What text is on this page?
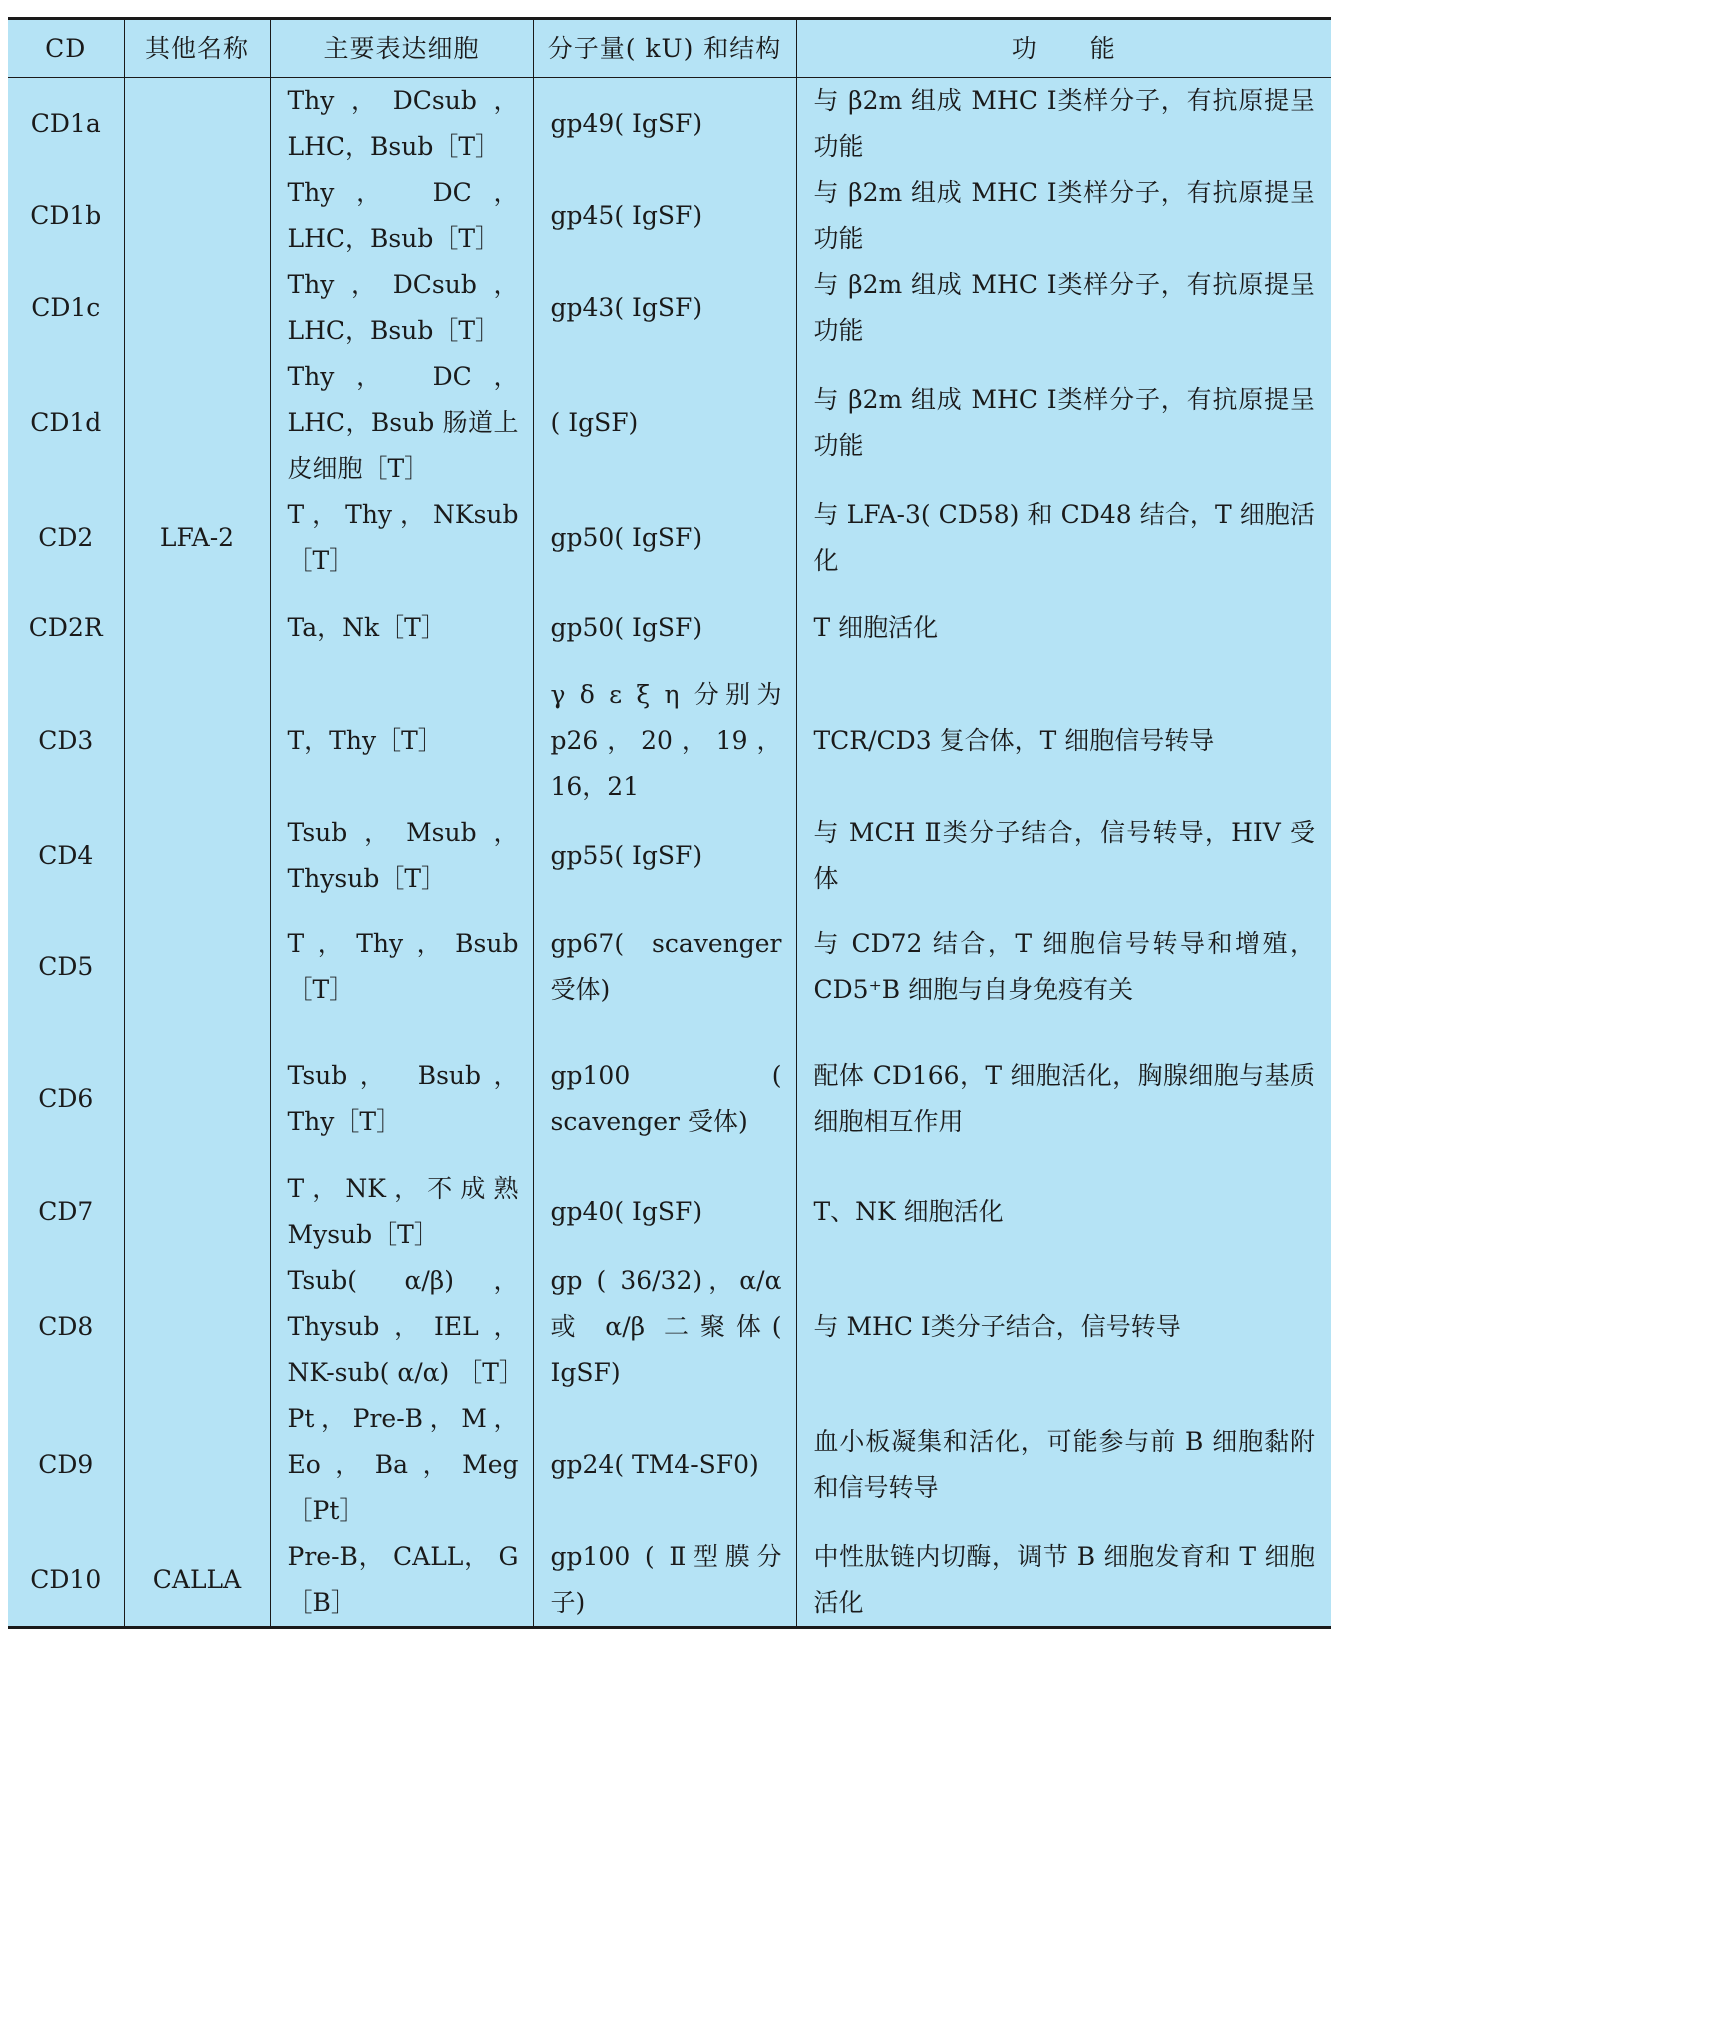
CD	其他名称	主要表达细胞	分子量( kU) 和结构	功　　能
CD1a		Thy，DCsub，LHC，Bsub［T］	gp49( IgSF)	与 β2m 组成 MHC Ⅰ类样分子，有抗原提呈功能
CD1b		Thy， DC， LHC，Bsub［T］	gp45( IgSF)	与 β2m 组成 MHC Ⅰ类样分子，有抗原提呈功能
CD1c		Thy，DCsub，LHC，Bsub［T］	gp43( IgSF)	与 β2m 组成 MHC Ⅰ类样分子，有抗原提呈功能
CD1d		Thy， DC， LHC，Bsub 肠道上皮细胞［T］	( IgSF)	与 β2m 组成 MHC Ⅰ类样分子，有抗原提呈功能
CD2	LFA-2	T，Thy，NKsub［T］	gp50( IgSF)	与 LFA-3( CD58) 和 CD48 结合，T 细胞活化
CD2R		Ta，Nk［T］	gp50( IgSF)	T 细胞活化
CD3		T，Thy［T］	γ δ ε ξ η 分别为p26，20，19，16，21	TCR/CD3 复合体，T 细胞信号转导
CD4		Tsub，Msub，Thysub［T］	gp55( IgSF)	与 MCH Ⅱ类分子结合，信号转导，HIV 受体
CD5		T，Thy，Bsub［T］	gp67( scavenger 受体)	与 CD72 结合，T 细胞信号转导和增殖，CD5⁺B 细胞与自身免疫有关
CD6		Tsub， Bsub， Thy［T］	gp100 ( scavenger 受体)	配体 CD166，T 细胞活化，胸腺细胞与基质细胞相互作用
CD7		T，NK，不成熟 Mysub［T］	gp40( IgSF)	T、NK 细胞活化
CD8		Tsub( α/β)，Thysub，IEL，NK-sub( α/α) ［T］	gp ( 36/32)，α/α 或 α/β 二聚体( IgSF)	与 MHC Ⅰ类分子结合，信号转导
CD9		Pt，Pre-B，M，Eo，Ba，Meg［Pt］	gp24( TM4-SF0)	血小板凝集和活化，可能参与前 B 细胞黏附和信号转导
CD10	CALLA	Pre-B， CALL， G［B］	gp100 ( Ⅱ型膜分子)	中性肽链内切酶，调节 B 细胞发育和 T 细胞活化
